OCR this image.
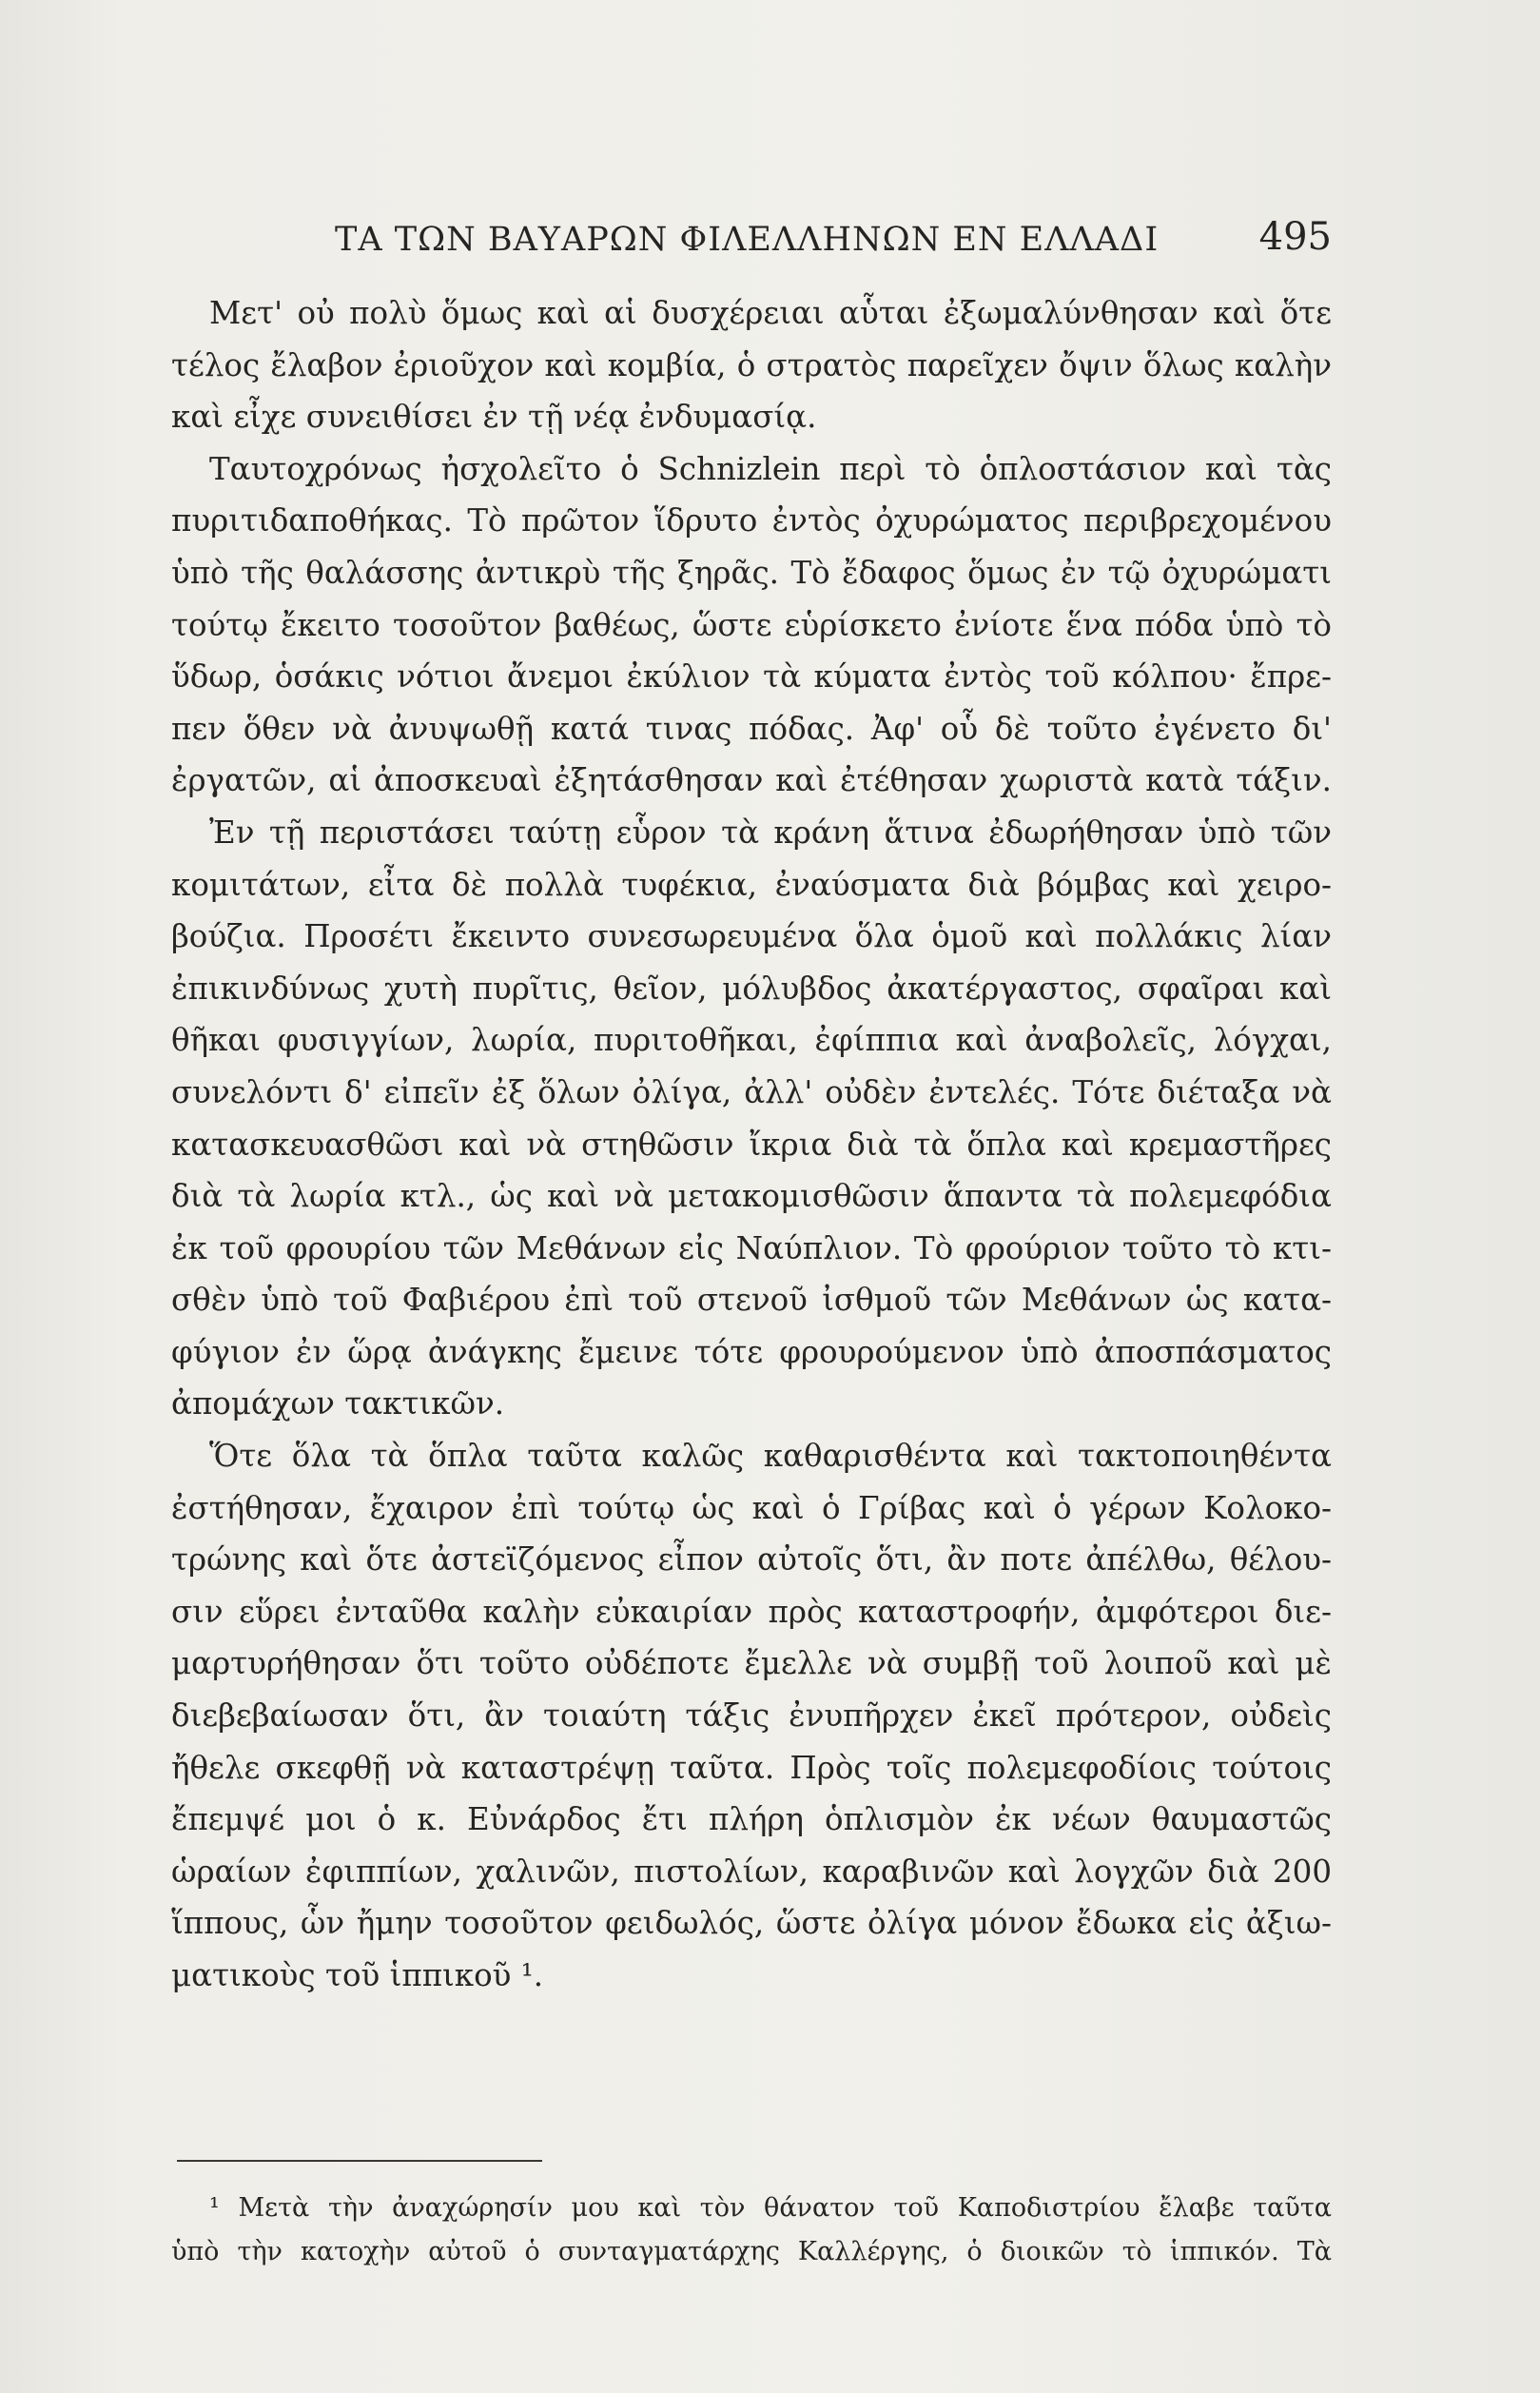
ΤΑ ΤΩΝ ΒΑΥΑΡΩΝ ΦΙΛΕΛΛΗΝΩΝ ΕΝ ΕΛΛΑΔΙ	495
Μετ' οὐ πολὺ ὅμως καὶ αἱ δυσχέρειαι αὗται ἐξωμαλύνθησαν καὶ ὅτε
τέλος ἔλαβον ἐριοῦχον καὶ κομβία, ὁ στρατὸς παρεῖχεν ὄψιν ὅλως καλὴν
καὶ εἶχε συνειθίσει ἐν τῇ νέᾳ ἐνδυμασίᾳ.
Ταυτοχρόνως ἠσχολεῖτο ὁ Schnizlein περὶ τὸ ὁπλοστάσιον καὶ τὰς
πυριτιδαποθήκας. Τὸ πρῶτον ἵδρυτο ἐντὸς ὀχυρώματος περιβρεχομένου
ὑπὸ τῆς θαλάσσης ἀντικρὺ τῆς ξηρᾶς. Τὸ ἔδαφος ὅμως ἐν τῷ ὀχυρώματι
τούτῳ ἔκειτο τοσοῦτον βαθέως, ὥστε εὑρίσκετο ἐνίοτε ἕνα πόδα ὑπὸ τὸ
ὕδωρ, ὁσάκις νότιοι ἄνεμοι ἐκύλιον τὰ κύματα ἐντὸς τοῦ κόλπου· ἔπρε-
πεν ὅθεν νὰ ἀνυψωθῇ κατά τινας πόδας. Ἀφ' οὗ δὲ τοῦτο ἐγένετο δι'
ἐργατῶν, αἱ ἀποσκευαὶ ἐξητάσθησαν καὶ ἐτέθησαν χωριστὰ κατὰ τάξιν.
Ἐν τῇ περιστάσει ταύτῃ εὗρον τὰ κράνη ἅτινα ἐδωρήθησαν ὑπὸ τῶν
κομιτάτων, εἶτα δὲ πολλὰ τυφέκια, ἐναύσματα διὰ βόμβας καὶ χειρο-
βούζια. Προσέτι ἔκειντο συνεσωρευμένα ὅλα ὁμοῦ καὶ πολλάκις λίαν
ἐπικινδύνως χυτὴ πυρῖτις, θεῖον, μόλυβδος ἀκατέργαστος, σφαῖραι καὶ
θῆκαι φυσιγγίων, λωρία, πυριτοθῆκαι, ἐφίππια καὶ ἀναβολεῖς, λόγχαι,
συνελόντι δ' εἰπεῖν ἐξ ὅλων ὀλίγα, ἀλλ' οὐδὲν ἐντελές. Τότε διέταξα νὰ
κατασκευασθῶσι καὶ νὰ στηθῶσιν ἴκρια διὰ τὰ ὅπλα καὶ κρεμαστῆρες
διὰ τὰ λωρία κτλ., ὡς καὶ νὰ μετακομισθῶσιν ἅπαντα τὰ πολεμεφόδια
ἐκ τοῦ φρουρίου τῶν Μεθάνων εἰς Ναύπλιον. Τὸ φρούριον τοῦτο τὸ κτι-
σθὲν ὑπὸ τοῦ Φαβιέρου ἐπὶ τοῦ στενοῦ ἰσθμοῦ τῶν Μεθάνων ὡς κατα-
φύγιον ἐν ὥρᾳ ἀνάγκης ἔμεινε τότε φρουρούμενον ὑπὸ ἀποσπάσματος
ἀπομάχων τακτικῶν.
Ὅτε ὅλα τὰ ὅπλα ταῦτα καλῶς καθαρισθέντα καὶ τακτοποιηθέντα
ἐστήθησαν, ἔχαιρον ἐπὶ τούτῳ ὡς καὶ ὁ Γρίβας καὶ ὁ γέρων Κολοκο-
τρώνης καὶ ὅτε ἀστεϊζόμενος εἶπον αὐτοῖς ὅτι, ἂν ποτε ἀπέλθω, θέλου-
σιν εὕρει ἐνταῦθα καλὴν εὐκαιρίαν πρὸς καταστροφήν, ἀμφότεροι διε-
μαρτυρήθησαν ὅτι τοῦτο οὐδέποτε ἔμελλε νὰ συμβῇ τοῦ λοιποῦ καὶ μὲ
διεβεβαίωσαν ὅτι, ἂν τοιαύτη τάξις ἐνυπῆρχεν ἐκεῖ πρότερον, οὐδεὶς
ἤθελε σκεφθῇ νὰ καταστρέψῃ ταῦτα. Πρὸς τοῖς πολεμεφοδίοις τούτοις
ἔπεμψέ μοι ὁ κ. Εὐνάρδος ἔτι πλήρη ὁπλισμὸν ἐκ νέων θαυμαστῶς
ὡραίων ἐφιππίων, χαλινῶν, πιστολίων, καραβινῶν καὶ λογχῶν διὰ 200
ἵππους, ὧν ἤμην τοσοῦτον φειδωλός, ὥστε ὀλίγα μόνον ἔδωκα εἰς ἀξιω-
ματικοὺς τοῦ ἱππικοῦ ¹.
¹ Μετὰ τὴν ἀναχώρησίν μου καὶ τὸν θάνατον τοῦ Καποδιστρίου ἔλαβε ταῦτα
ὑπὸ τὴν κατοχὴν αὐτοῦ ὁ συνταγματάρχης Καλλέργης, ὁ διοικῶν τὸ ἱππικόν. Τὰ
